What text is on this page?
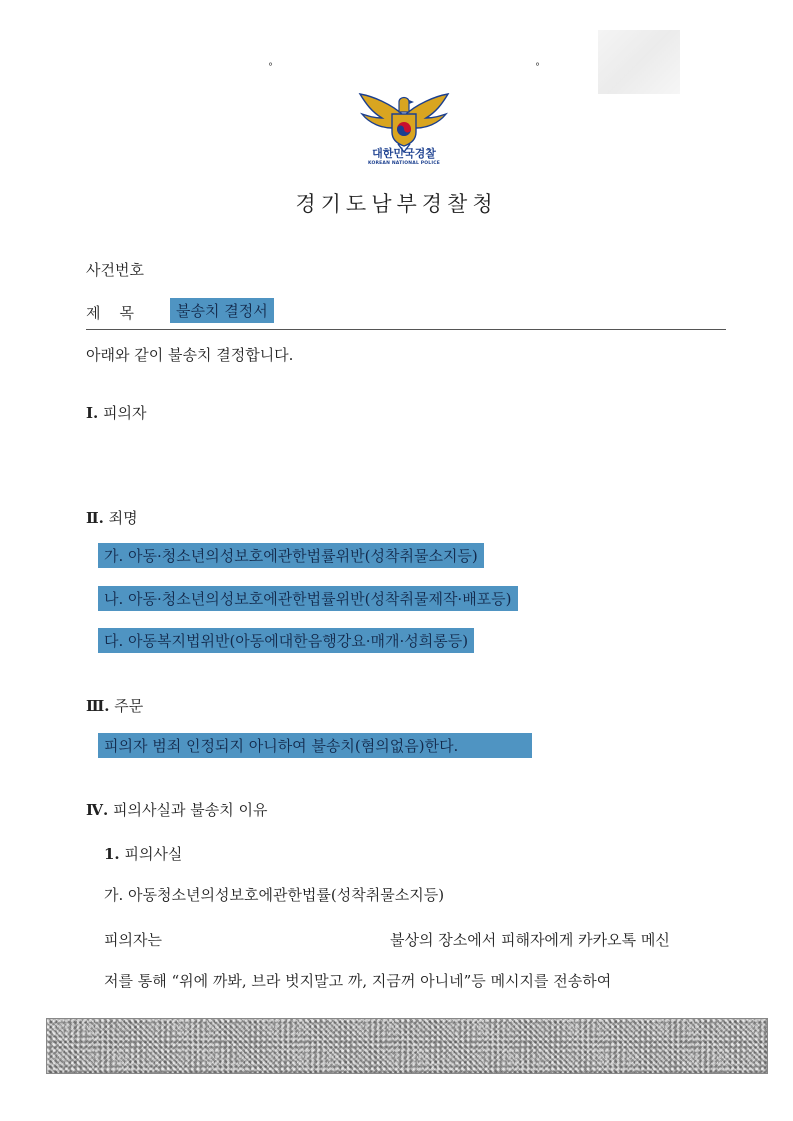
°	°
대한민국경찰
KOREAN NATIONAL POLICE
경기도남부경찰청
사건번호
제    목	불송치 결정서
아래와 같이 불송치 결정합니다.
Ⅰ. 피의자
Ⅱ. 죄명
가. 아동·청소년의성보호에관한법률위반(성착취물소지등)
나. 아동·청소년의성보호에관한법률위반(성착취물제작·배포등)
다. 아동복지법위반(아동에대한음행강요·매개·성희롱등)
Ⅲ. 주문
피의자 범죄 인정되지 아니하여 불송치(혐의없음)한다.
Ⅳ. 피의사실과 불송치 이유
1. 피의사실
가. 아동청소년의성보호에관한법률(성착취물소지등)
피의자는	불상의 장소에서 피해자에게 카카오톡 메신
저를 통해 “위에 까봐, 브라 벗지말고 까, 지금꺼 아니네”등 메시지를 전송하여
